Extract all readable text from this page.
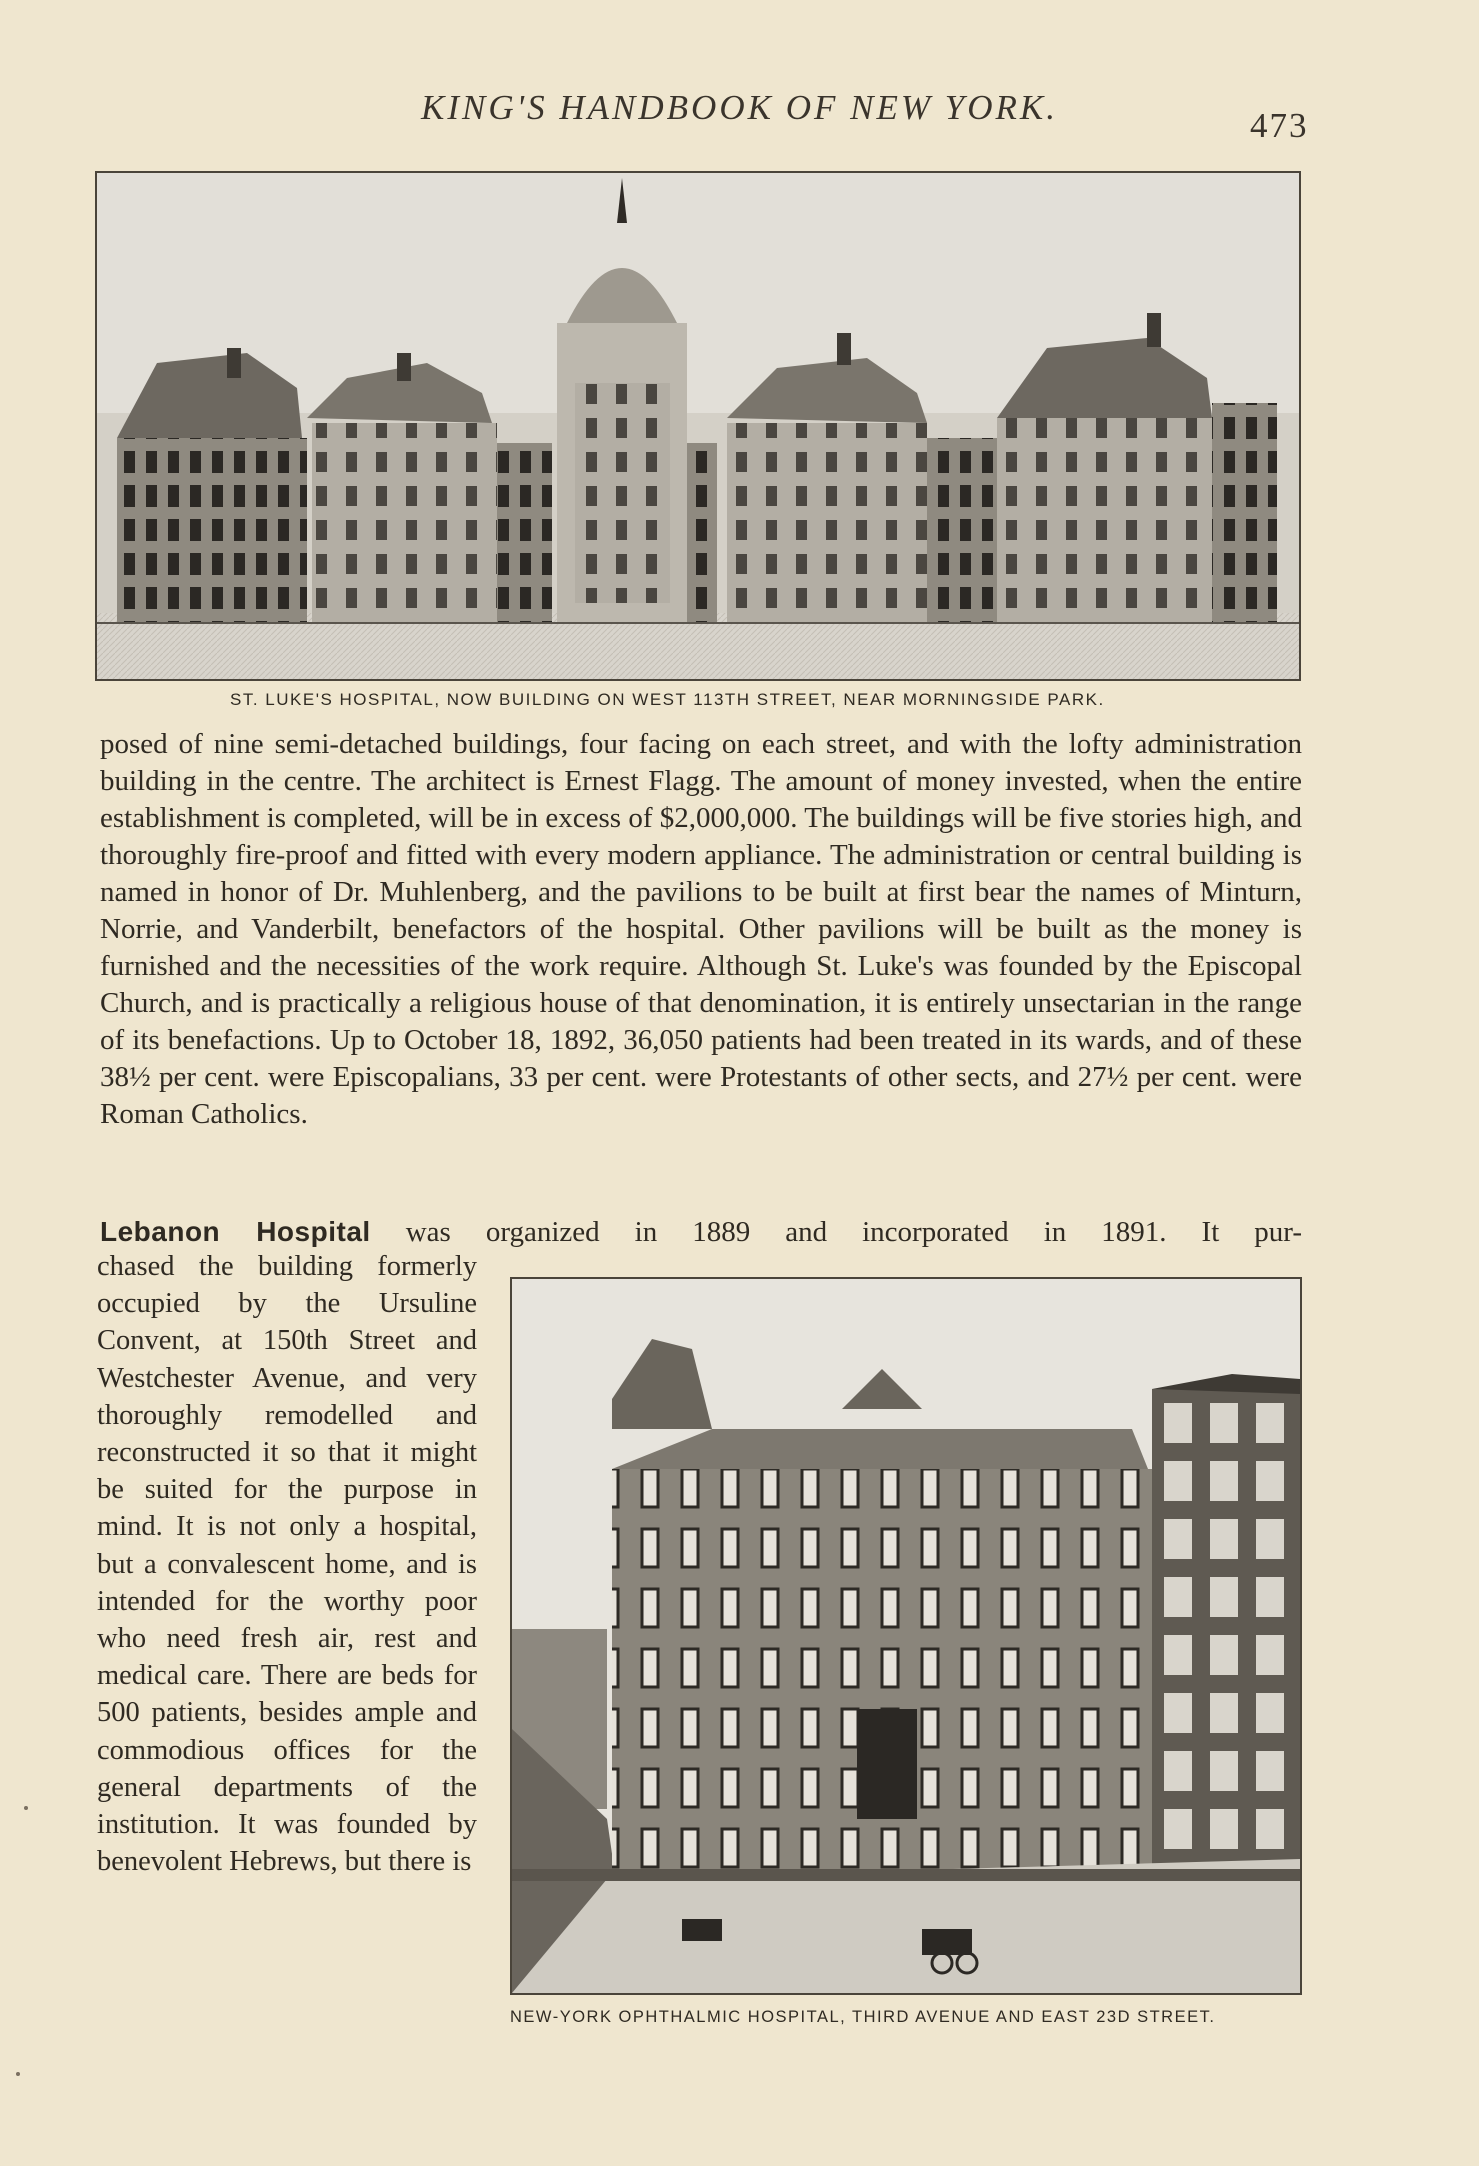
KING'S HANDBOOK OF NEW YORK.	473
ST. LUKE'S HOSPITAL, NOW BUILDING ON WEST 113TH STREET, NEAR MORNINGSIDE PARK.

posed of nine semi-detached buildings, four facing on each street, and with the lofty administration building in the centre. The architect is Ernest Flagg. The amount of money invested, when the entire establishment is completed, will be in excess of $2,000,000. The buildings will be five stories high, and thoroughly fire-proof and fitted with every modern appliance. The administration or central building is named in honor of Dr. Muhlenberg, and the pavilions to be built at first bear the names of Minturn, Norrie, and Vanderbilt, benefactors of the hospital. Other pavilions will be built as the money is furnished and the necessities of the work require. Although St. Luke's was founded by the Episcopal Church, and is practically a religious house of that denomination, it is entirely unsectarian in the range of its benefactions. Up to October 18, 1892, 36,050 patients had been treated in its wards, and of these 38½ per cent. were Episcopalians, 33 per cent. were Protestants of other sects, and 27½ per cent. were Roman Catholics.

Lebanon Hospital was organized in 1889 and incorporated in 1891. It pur-
chased the building formerly occupied by the Ursuline Convent, at 150th Street and Westchester Avenue, and very thoroughly remodelled and reconstructed it so that it might be suited for the purpose in mind. It is not only a hospital, but a convalescent home, and is intended for the worthy poor who need fresh air, rest and medical care. There are beds for 500 patients, besides ample and commodious offices for the general departments of the institution. It was founded by benevolent Hebrews, but there is
NEW-YORK OPHTHALMIC HOSPITAL, THIRD AVENUE AND EAST 23D STREET.
